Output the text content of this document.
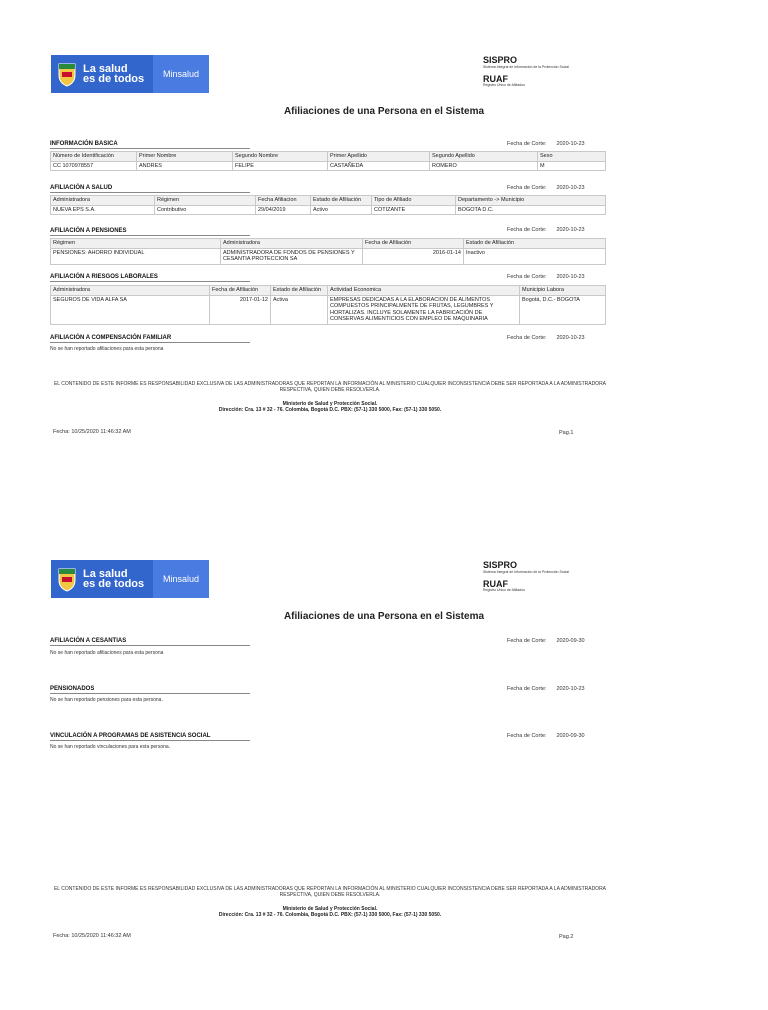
La salud
es de todos	Minsalud
SISPRO
Sistema Integral de Información de la Protección Social
RUAF
Registro Único de Afiliados
Afiliaciones de una Persona en el Sistema
INFORMACIÓN BASICA	Fecha de Corte: 2020-10-23
Número de Identificación	Primer Nombre	Segundo Nombre	Primer Apellido	Segundo Apellido	Sexo
CC 1070978557	ANDRES	FELIPE	CASTAÑEDA	ROMERO	M
AFILIACIÓN A SALUD	Fecha de Corte: 2020-10-23
Administradora	Régimen	Fecha Afiliacion	Estado de Afiliación	Tipo de Afiliado	Departamento -> Municipio
NUEVA EPS S.A.	Contributivo	29/04/2019	Activo	COTIZANTE	BOGOTA D.C.
AFILIACIÓN A PENSIONES	Fecha de Corte: 2020-10-23
Régimen	Administradora	Fecha de Afiliación	Estado de Afiliación
PENSIONES: AHORRO INDIVIDUAL	ADMINISTRADORA DE FONDOS DE PENSIONES Y CESANTIA PROTECCION SA	2016-01-14	Inactivo
AFILIACIÓN A RIESGOS LABORALES	Fecha de Corte: 2020-10-23
Administradora	Fecha de Afiliación	Estado de Afiliación	Actividad Economica	Municipio Labora
SEGUROS DE VIDA ALFA SA	2017-01-12	Activa	EMPRESAS DEDICADAS A LA ELABORACION DE ALIMENTOS COMPUESTOS PRINCIPALMENTE DE FRUTAS, LEGUMBRES Y HORTALIZAS. INCLUYE SOLAMENTE LA FABRICACIÓN DE CONSERVAS ALIMENTICIOS CON EMPLEO DE MAQUINARIA	Bogotá, D.C.- BOGOTA
AFILIACIÓN A COMPENSACIÓN FAMILIAR	Fecha de Corte: 2020-10-23
No se han reportado afiliaciones para esta persona
EL CONTENIDO DE ESTE INFORME ES RESPONSABILIDAD EXCLUSIVA DE LAS ADMINISTRADORAS QUE REPORTAN LA INFORMACIÓN AL MINISTERIO CUALQUIER INCONSISTENCIA DEBE SER REPORTADA A LA ADMINISTRADORA RESPECTIVA, QUIEN DEBE RESOLVERLA.
Ministerio de Salud y Protección Social.
Dirección: Cra. 13 # 32 - 76. Colombia, Bogotá D.C. PBX: (57-1) 330 5000, Fax: (57-1) 330 5050.
Fecha: 10/25/2020 11:46:32 AM	Pag.1
La salud
es de todos	Minsalud
SISPRO
Sistema Integral de Información de la Protección Social
RUAF
Registro Único de Afiliados
Afiliaciones de una Persona en el Sistema
AFILIACIÓN A CESANTIAS	Fecha de Corte: 2020-09-30
No se han reportado afiliaciones para esta persona
PENSIONADOS	Fecha de Corte: 2020-10-23
No se han reportado pensiones para esta persona.
VINCULACIÓN A PROGRAMAS DE ASISTENCIA SOCIAL	Fecha de Corte: 2020-09-30
No se han reportado vinculaciones para esta persona.
EL CONTENIDO DE ESTE INFORME ES RESPONSABILIDAD EXCLUSIVA DE LAS ADMINISTRADORAS QUE REPORTAN LA INFORMACIÓN AL MINISTERIO CUALQUIER INCONSISTENCIA DEBE SER REPORTADA A LA ADMINISTRADORA RESPECTIVA, QUIEN DEBE RESOLVERLA.
Ministerio de Salud y Protección Social.
Dirección: Cra. 13 # 32 - 76. Colombia, Bogotá D.C. PBX: (57-1) 330 5000, Fax: (57-1) 330 5050.
Fecha: 10/25/2020 11:46:32 AM	Pag.2
